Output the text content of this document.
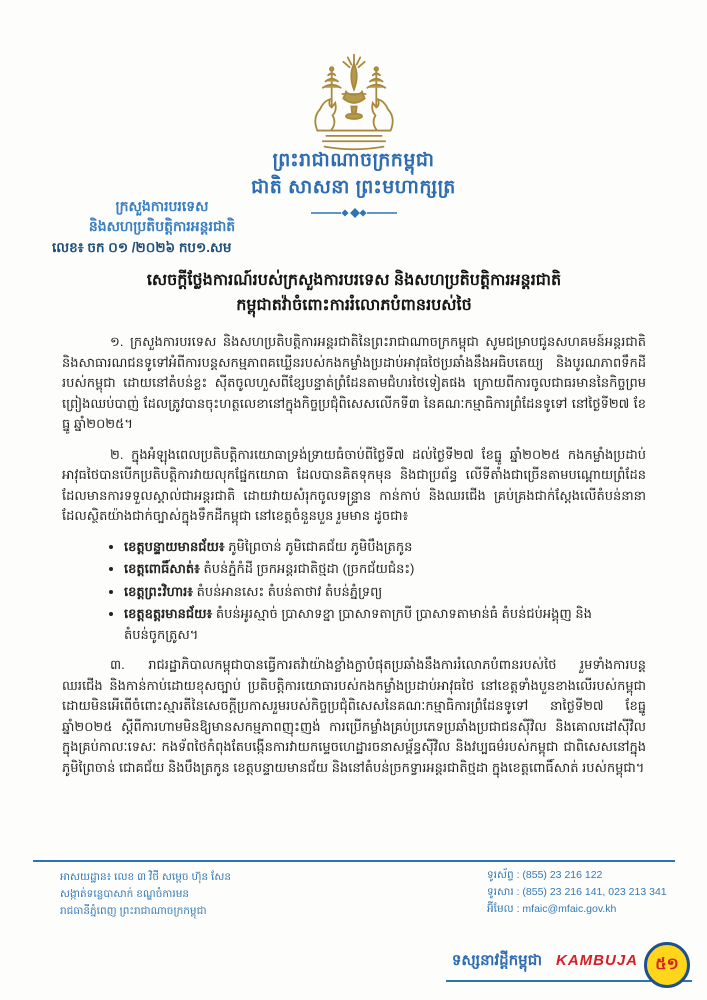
ព្រះរាជាណាចក្រកម្ពុជា
ជាតិ សាសនា ព្រះមហាក្សត្រ
ក្រសួងការបរទេស
និងសហប្រតិបត្តិការអន្តរជាតិ
លេខ៖ ចក ០១ /២០២៦ កប១.សម
សេចក្ដីថ្លែងការណ៍របស់ក្រសួងការបរទេស និងសហប្រតិបត្តិការអន្តរជាតិ
កម្ពុជាតវ៉ាចំពោះការរំលោភបំពានរបស់ថៃ

១. ក្រសួងការបរទេស និងសហប្រតិបត្តិការអន្តរជាតិនៃព្រះរាជាណាចក្រកម្ពុជា សូមជម្រាបជូនសហគមន៍អន្តរជាតិ និងសាធារណជនទូទៅអំពីការបន្តសកម្មភាពគឃ្លើនរបស់កងកម្លាំងប្រដាប់អាវុធថៃប្រឆាំងនឹងអធិបតេយ្យ និងបូរណភាពទឹកដីរបស់កម្ពុជា ដោយនៅតំបន់ខ្លះ ស៊ីតចូលហួសពីខ្សែបន្ទាត់ព្រំដែនតាមជំហរថៃទៀតផង ក្រោយពីការចូលជាធរមាននៃកិច្ចព្រមព្រៀងឈប់បាញ់ ដែលត្រូវបានចុះហត្ថលេខានៅក្នុងកិច្ចប្រជុំពិសេសលើកទី៣ នៃគណៈកម្មាធិការព្រំដែនទូទៅ នៅថ្ងៃទី២៧ ខែធ្នូ ឆ្នាំ២០២៥។

២. ក្នុងអំឡុងពេលប្រតិបត្តិការយោធាទ្រង់ទ្រាយធំចាប់ពីថ្ងៃទី៧ ដល់ថ្ងៃទី២៧ ខែធ្នូ ឆ្នាំ២០២៥ កងកម្លាំងប្រដាប់អាវុធថៃបានបើកប្រតិបត្តិការវាយលុកផ្នែកយោធា ដែលបានគិតទុកមុន និងជាប្រព័ន្ធ លើទីតាំងជាច្រើនតាមបណ្ដោយព្រំដែនដែលមានការទទួលស្គាល់ជាអន្តរជាតិ ដោយវាយសំរុកចូលទន្ទ្រាន កាន់កាប់ និងឈរជើង គ្រប់គ្រងជាក់ស្ដែងលើតំបន់នានាដែលស្ថិតយ៉ាងជាក់ច្បាស់ក្នុងទឹកដីកម្ពុជា នៅខេត្តចំនួនបួន រួមមាន ដូចជា៖

• ខេត្តបន្ទាយមានជ័យ៖ ភូមិព្រៃចាន់ ភូមិជោគជ័យ ភូមិបឹងត្រកូន
• ខេត្តពោធិ៍សាត់៖ តំបន់ភ្នំកំដី ច្រកអន្តរជាតិថ្មដា (ច្រកជ័យជំនះ)
• ខេត្តព្រះវិហារ៖ តំបន់អានសេះ តំបន់តាថាវ តំបន់ភ្នំទ្រព្យ
• ខេត្តឧត្តរមានជ័យ៖ តំបន់អូរស្មាច់ ប្រាសាទខ្នា ប្រាសាទតាក្របី ប្រាសាទតាមាន់ធំ តំបន់ជប់អង្គុញ និងតំបន់ចូកត្រូស។

៣. រាជរដ្ឋាភិបាលកម្ពុជាបានធ្វើការតវ៉ាយ៉ាងខ្លាំងក្លាបំផុតប្រឆាំងនឹងការរំលោភបំពានរបស់ថៃ រួមទាំងការបន្តឈរជើង និងកាន់កាប់ដោយខុសច្បាប់ ប្រតិបត្តិការយោធារបស់កងកម្លាំងប្រដាប់អាវុធថៃ នៅខេត្តទាំងបួនខាងលើរបស់កម្ពុជា ដោយមិនអើពើចំពោះស្មារតីនៃសេចក្ដីប្រកាសរួមរបស់កិច្ចប្រជុំពិសេសនៃគណៈកម្មាធិការព្រំដែនទូទៅ នាថ្ងៃទី២៧ ខែធ្នូ ឆ្នាំ២០២៥ ស្ដីពីការហាមមិនឱ្យមានសកម្មភាពញុះញង់ ការប្រើកម្លាំងគ្រប់ប្រភេទប្រឆាំងប្រជាជនស៊ីវិល និងគោលដៅស៊ីវិលក្នុងគ្រប់កាលៈទេសៈ កងទ័ពថៃកំពុងតែបង្កើនការវាយកម្ទេចហេដ្ឋារចនាសម្ព័ន្ធស៊ីវិល និងវប្បធម៌របស់កម្ពុជា ជាពិសេសនៅក្នុងភូមិព្រៃចាន់ ជោគជ័យ និងបឹងត្រកូន ខេត្តបន្ទាយមានជ័យ និងនៅតំបន់ច្រកទ្វារអន្តរជាតិថ្មដា ក្នុងខេត្តពោធិ៍សាត់ របស់កម្ពុជា។

អាសយដ្ឋាន៖ លេខ ៣ វិថី សម្ដេច ហ៊ុន សែន
សង្កាត់ទន្លេបាសាក់ ខណ្ឌចំការមន
រាជធានីភ្នំពេញ ព្រះរាជាណាចក្រកម្ពុជា
ទូរស័ព្ទ : (855) 23 216 122
ទូរសារ : (855) 23 216 141, 023 213 341
អ៊ីមែល : mfaic@mfaic.gov.kh
ទស្សនាវដ្ដីកម្ពុជា KAMBUJA	៥១
